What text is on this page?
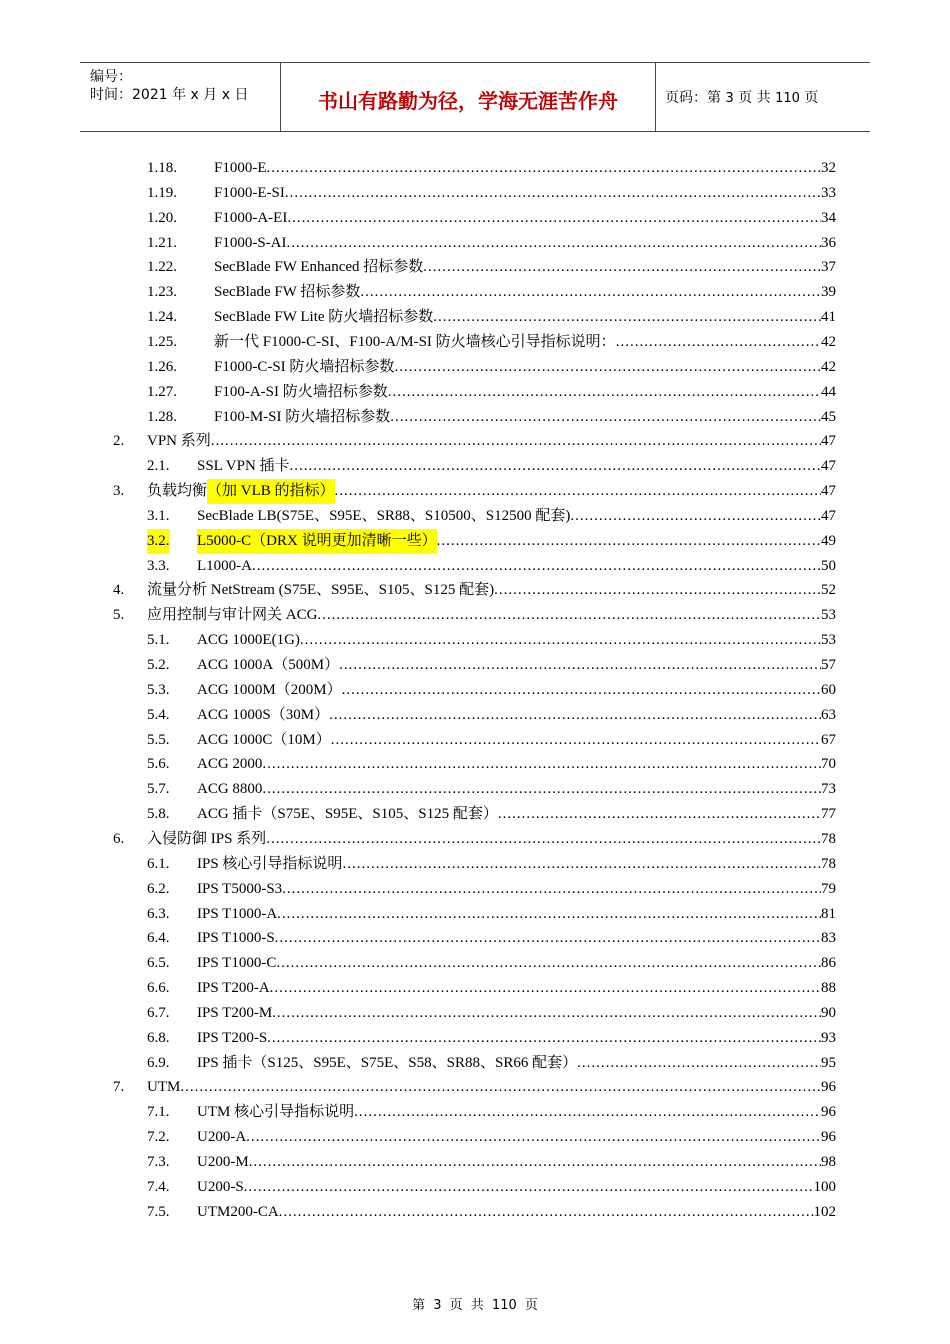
编号：
时间：2021 年 x 月 x 日	书山有路勤为径，学海无涯苦作舟	页码：第 3 页 共 110 页
1.18. F1000-E .....	32
1.19. F1000-E-SI .....	33
1.20. F1000-A-EI .....	34
1.21. F1000-S-AI .....	36
1.22. SecBlade FW Enhanced 招标参数 .....	37
1.23. SecBlade FW 招标参数 .....	39
1.24. SecBlade FW Lite 防火墙招标参数 .....	41
1.25. 新一代 F1000-C-SI、F100-A/M-SI 防火墙核心引导指标说明： .....	42
1.26. F1000-C-SI 防火墙招标参数 .....	42
1.27. F100-A-SI 防火墙招标参数 .....	44
1.28. F100-M-SI 防火墙招标参数 .....	45
2. VPN 系列 .....	47
2.1. SSL VPN 插卡 .....	47
3. 负载均衡 （加 VLB 的指标） .....	47
3.1. SecBlade LB(S75E、S95E、SR88、S10500、S12500 配套) .....	47
3.2. L5000-C（DRX 说明更加清晰一些） .....	49
3.3. L1000-A .....	50
4. 流量分析 NetStream (S75E、S95E、S105、S125 配套) .....	52
5. 应用控制与审计网关 ACG .....	53
5.1. ACG 1000E(1G) .....	53
5.2. ACG 1000A（500M） .....	57
5.3. ACG 1000M（200M） .....	60
5.4. ACG 1000S（30M） .....	63
5.5. ACG 1000C（10M） .....	67
5.6. ACG 2000 .....	70
5.7. ACG 8800 .....	73
5.8. ACG 插卡（S75E、S95E、S105、S125 配套） .....	77
6. 入侵防御 IPS 系列 .....	78
6.1. IPS 核心引导指标说明 .....	78
6.2. IPS T5000-S3 .....	79
6.3. IPS T1000-A .....	81
6.4. IPS T1000-S .....	83
6.5. IPS T1000-C .....	86
6.6. IPS T200-A .....	88
6.7. IPS T200-M .....	90
6.8. IPS T200-S .....	93
6.9. IPS 插卡（S125、S95E、S75E、S58、SR88、SR66 配套） .....	95
7. UTM .....	96
7.1. UTM 核心引导指标说明 .....	96
7.2. U200-A .....	96
7.3. U200-M .....	98
7.4. U200-S .....	100
7.5. UTM200-CA .....	102
第 3 页 共 110 页
